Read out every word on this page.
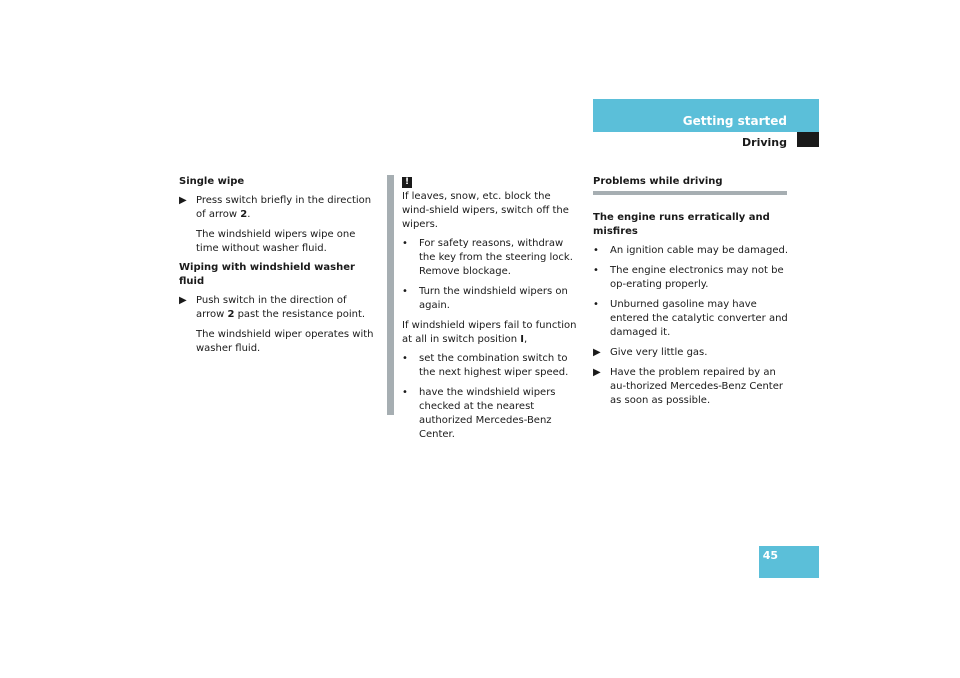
Getting started
Driving
45

Single wipe

▶ Press switch briefly in the direction of arrow 2.

The windshield wipers wipe one time without washer fluid.

Wiping with windshield washer fluid

▶ Push switch in the direction of arrow 2 past the resistance point.

The windshield wiper operates with washer fluid.

!

If leaves, snow, etc. block the wind-shield wipers, switch off the wipers.

•	For safety reasons, withdraw the key from the steering lock. Remove blockage.
•	Turn the windshield wipers on again.

If windshield wipers fail to function at all in switch position I,

•	set the combination switch to the next highest wiper speed.
•	have the windshield wipers checked at the nearest authorized Mercedes-Benz Center.

Problems while driving

The engine runs erratically and misfires

•	An ignition cable may be damaged.
•	The engine electronics may not be op-erating properly.
•	Unburned gasoline may have entered the catalytic converter and damaged it.
▶ Give very little gas.
▶ Have the problem repaired by an au-thorized Mercedes-Benz Center as soon as possible.
